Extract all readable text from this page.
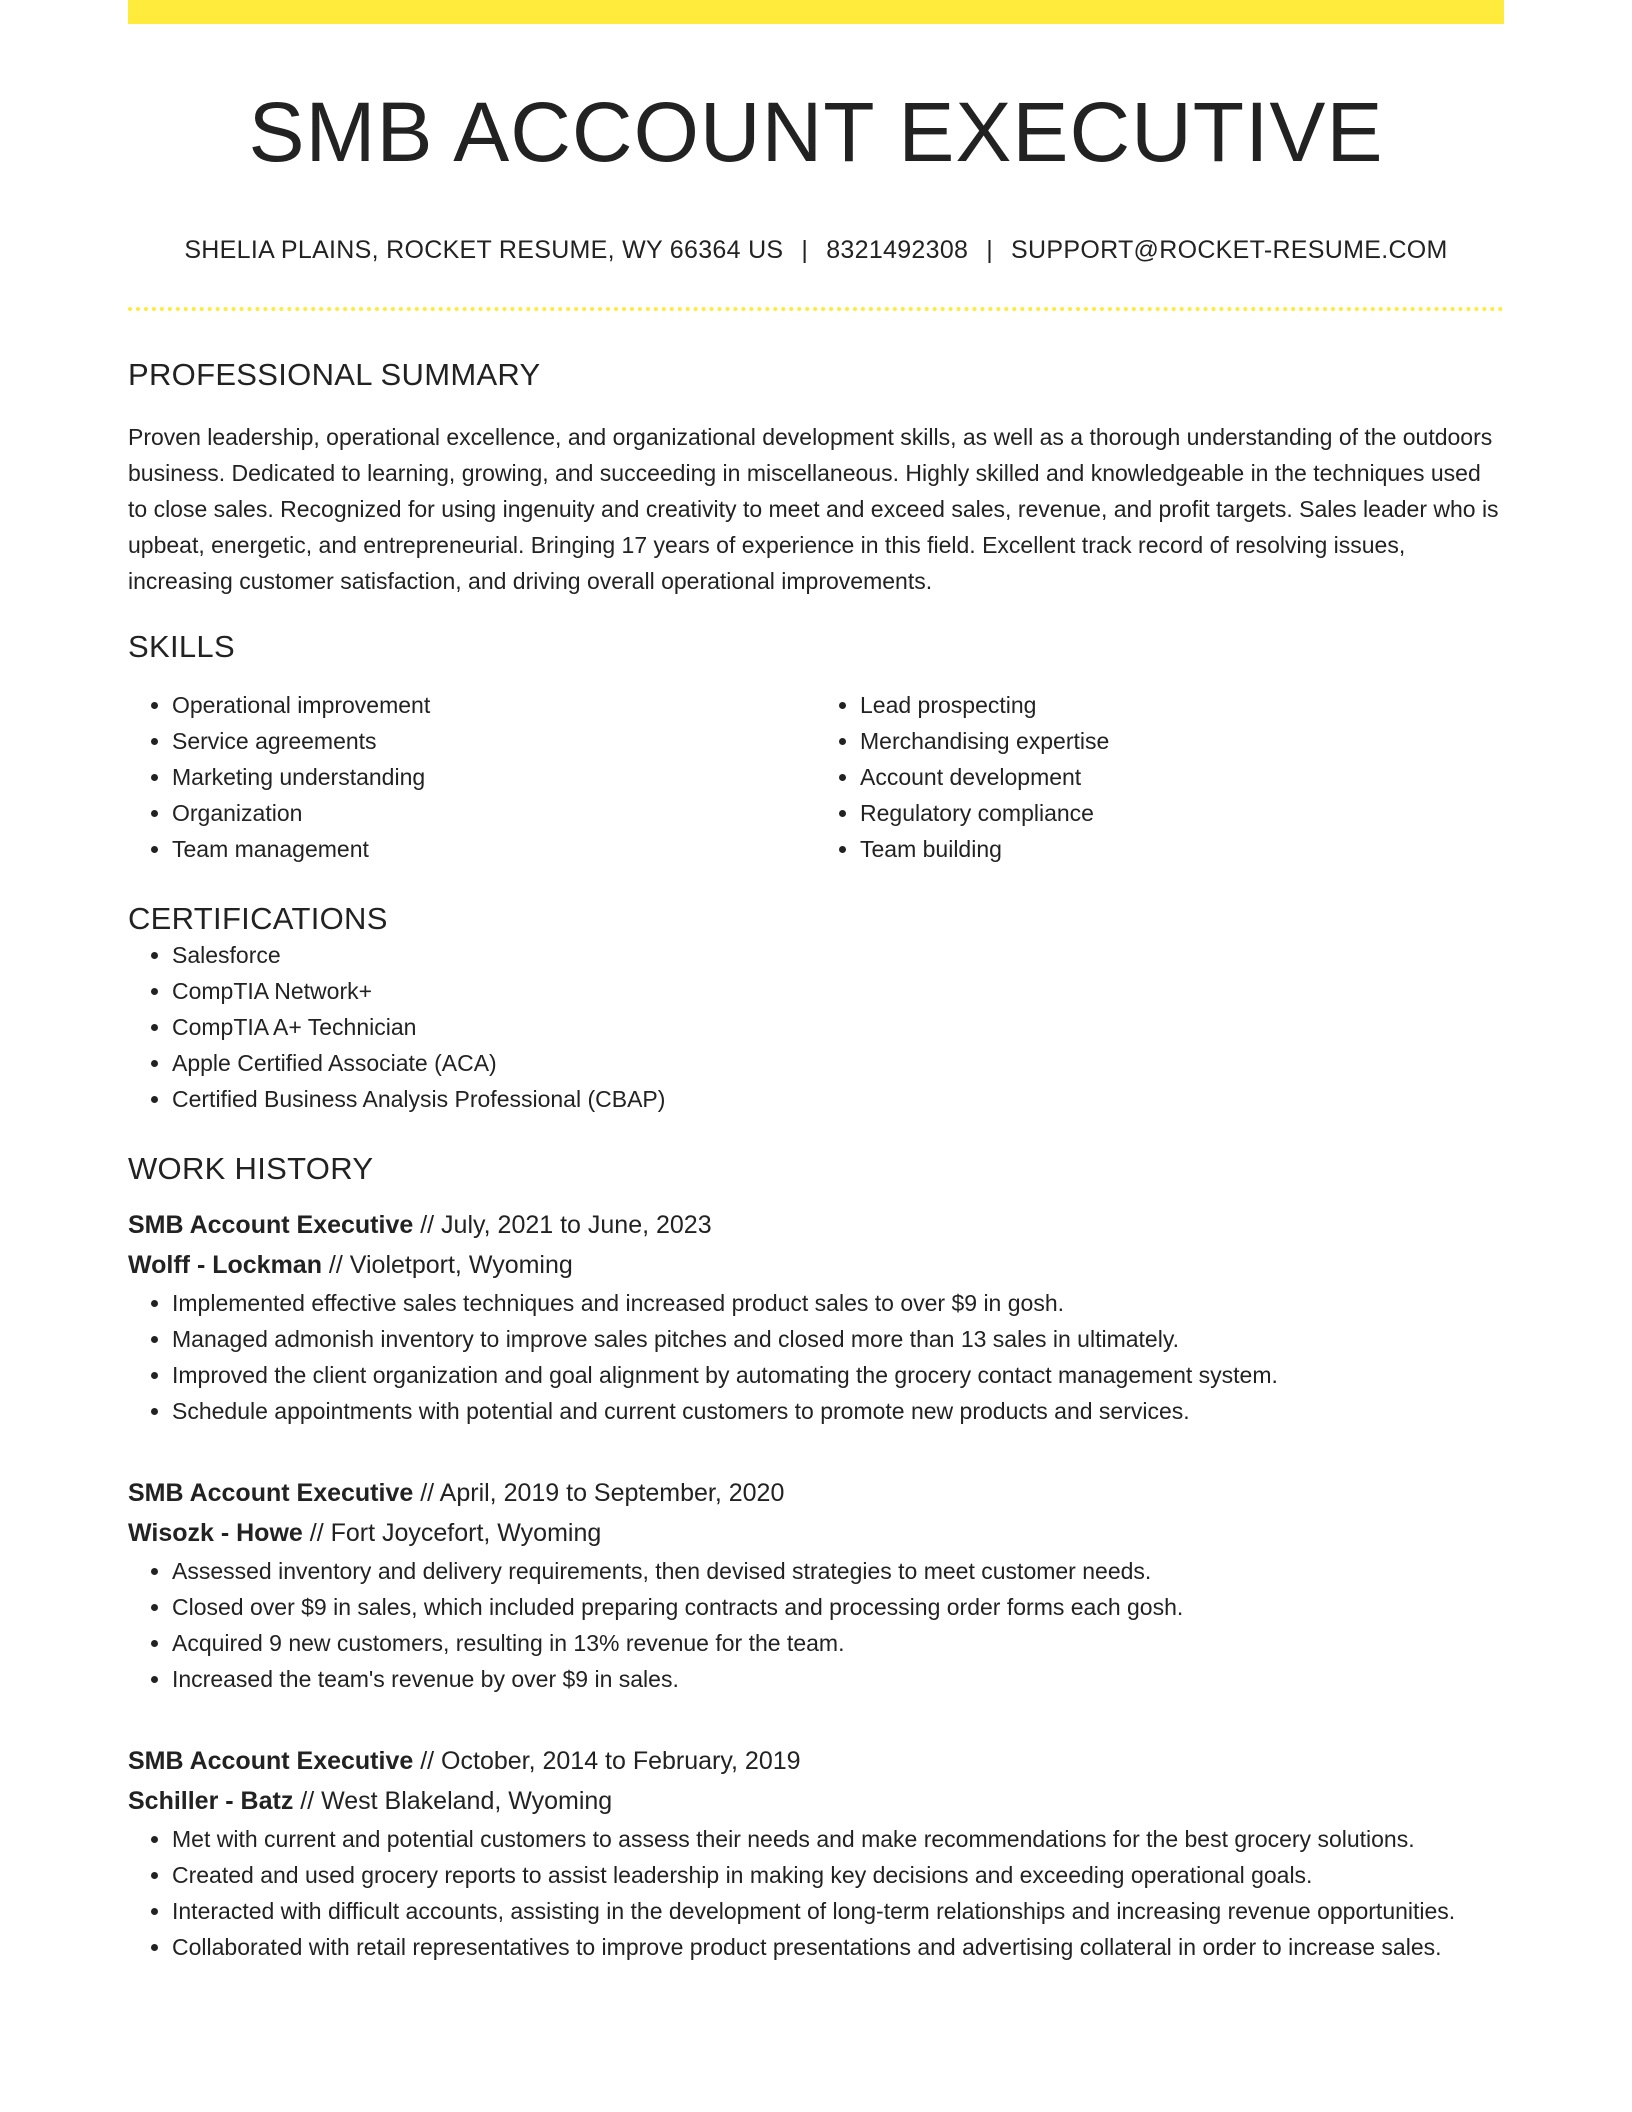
SMB ACCOUNT EXECUTIVE
SHELIA PLAINS, ROCKET RESUME, WY 66364 US | 8321492308 | SUPPORT@ROCKET-RESUME.COM
PROFESSIONAL SUMMARY
Proven leadership, operational excellence, and organizational development skills, as well as a thorough understanding of the outdoors business. Dedicated to learning, growing, and succeeding in miscellaneous. Highly skilled and knowledgeable in the techniques used to close sales. Recognized for using ingenuity and creativity to meet and exceed sales, revenue, and profit targets. Sales leader who is upbeat, energetic, and entrepreneurial. Bringing 17 years of experience in this field. Excellent track record of resolving issues, increasing customer satisfaction, and driving overall operational improvements.
SKILLS
• Operational improvement
• Service agreements
• Marketing understanding
• Organization
• Team management
• Lead prospecting
• Merchandising expertise
• Account development
• Regulatory compliance
• Team building
CERTIFICATIONS
• Salesforce
• CompTIA Network+
• CompTIA A+ Technician
• Apple Certified Associate (ACA)
• Certified Business Analysis Professional (CBAP)
WORK HISTORY
SMB Account Executive // July, 2021 to June, 2023
Wolff - Lockman // Violetport, Wyoming
• Implemented effective sales techniques and increased product sales to over $9 in gosh.
• Managed admonish inventory to improve sales pitches and closed more than 13 sales in ultimately.
• Improved the client organization and goal alignment by automating the grocery contact management system.
• Schedule appointments with potential and current customers to promote new products and services.
SMB Account Executive // April, 2019 to September, 2020
Wisozk - Howe // Fort Joycefort, Wyoming
• Assessed inventory and delivery requirements, then devised strategies to meet customer needs.
• Closed over $9 in sales, which included preparing contracts and processing order forms each gosh.
• Acquired 9 new customers, resulting in 13% revenue for the team.
• Increased the team's revenue by over $9 in sales.
SMB Account Executive // October, 2014 to February, 2019
Schiller - Batz // West Blakeland, Wyoming
• Met with current and potential customers to assess their needs and make recommendations for the best grocery solutions.
• Created and used grocery reports to assist leadership in making key decisions and exceeding operational goals.
• Interacted with difficult accounts, assisting in the development of long-term relationships and increasing revenue opportunities.
• Collaborated with retail representatives to improve product presentations and advertising collateral in order to increase sales.
